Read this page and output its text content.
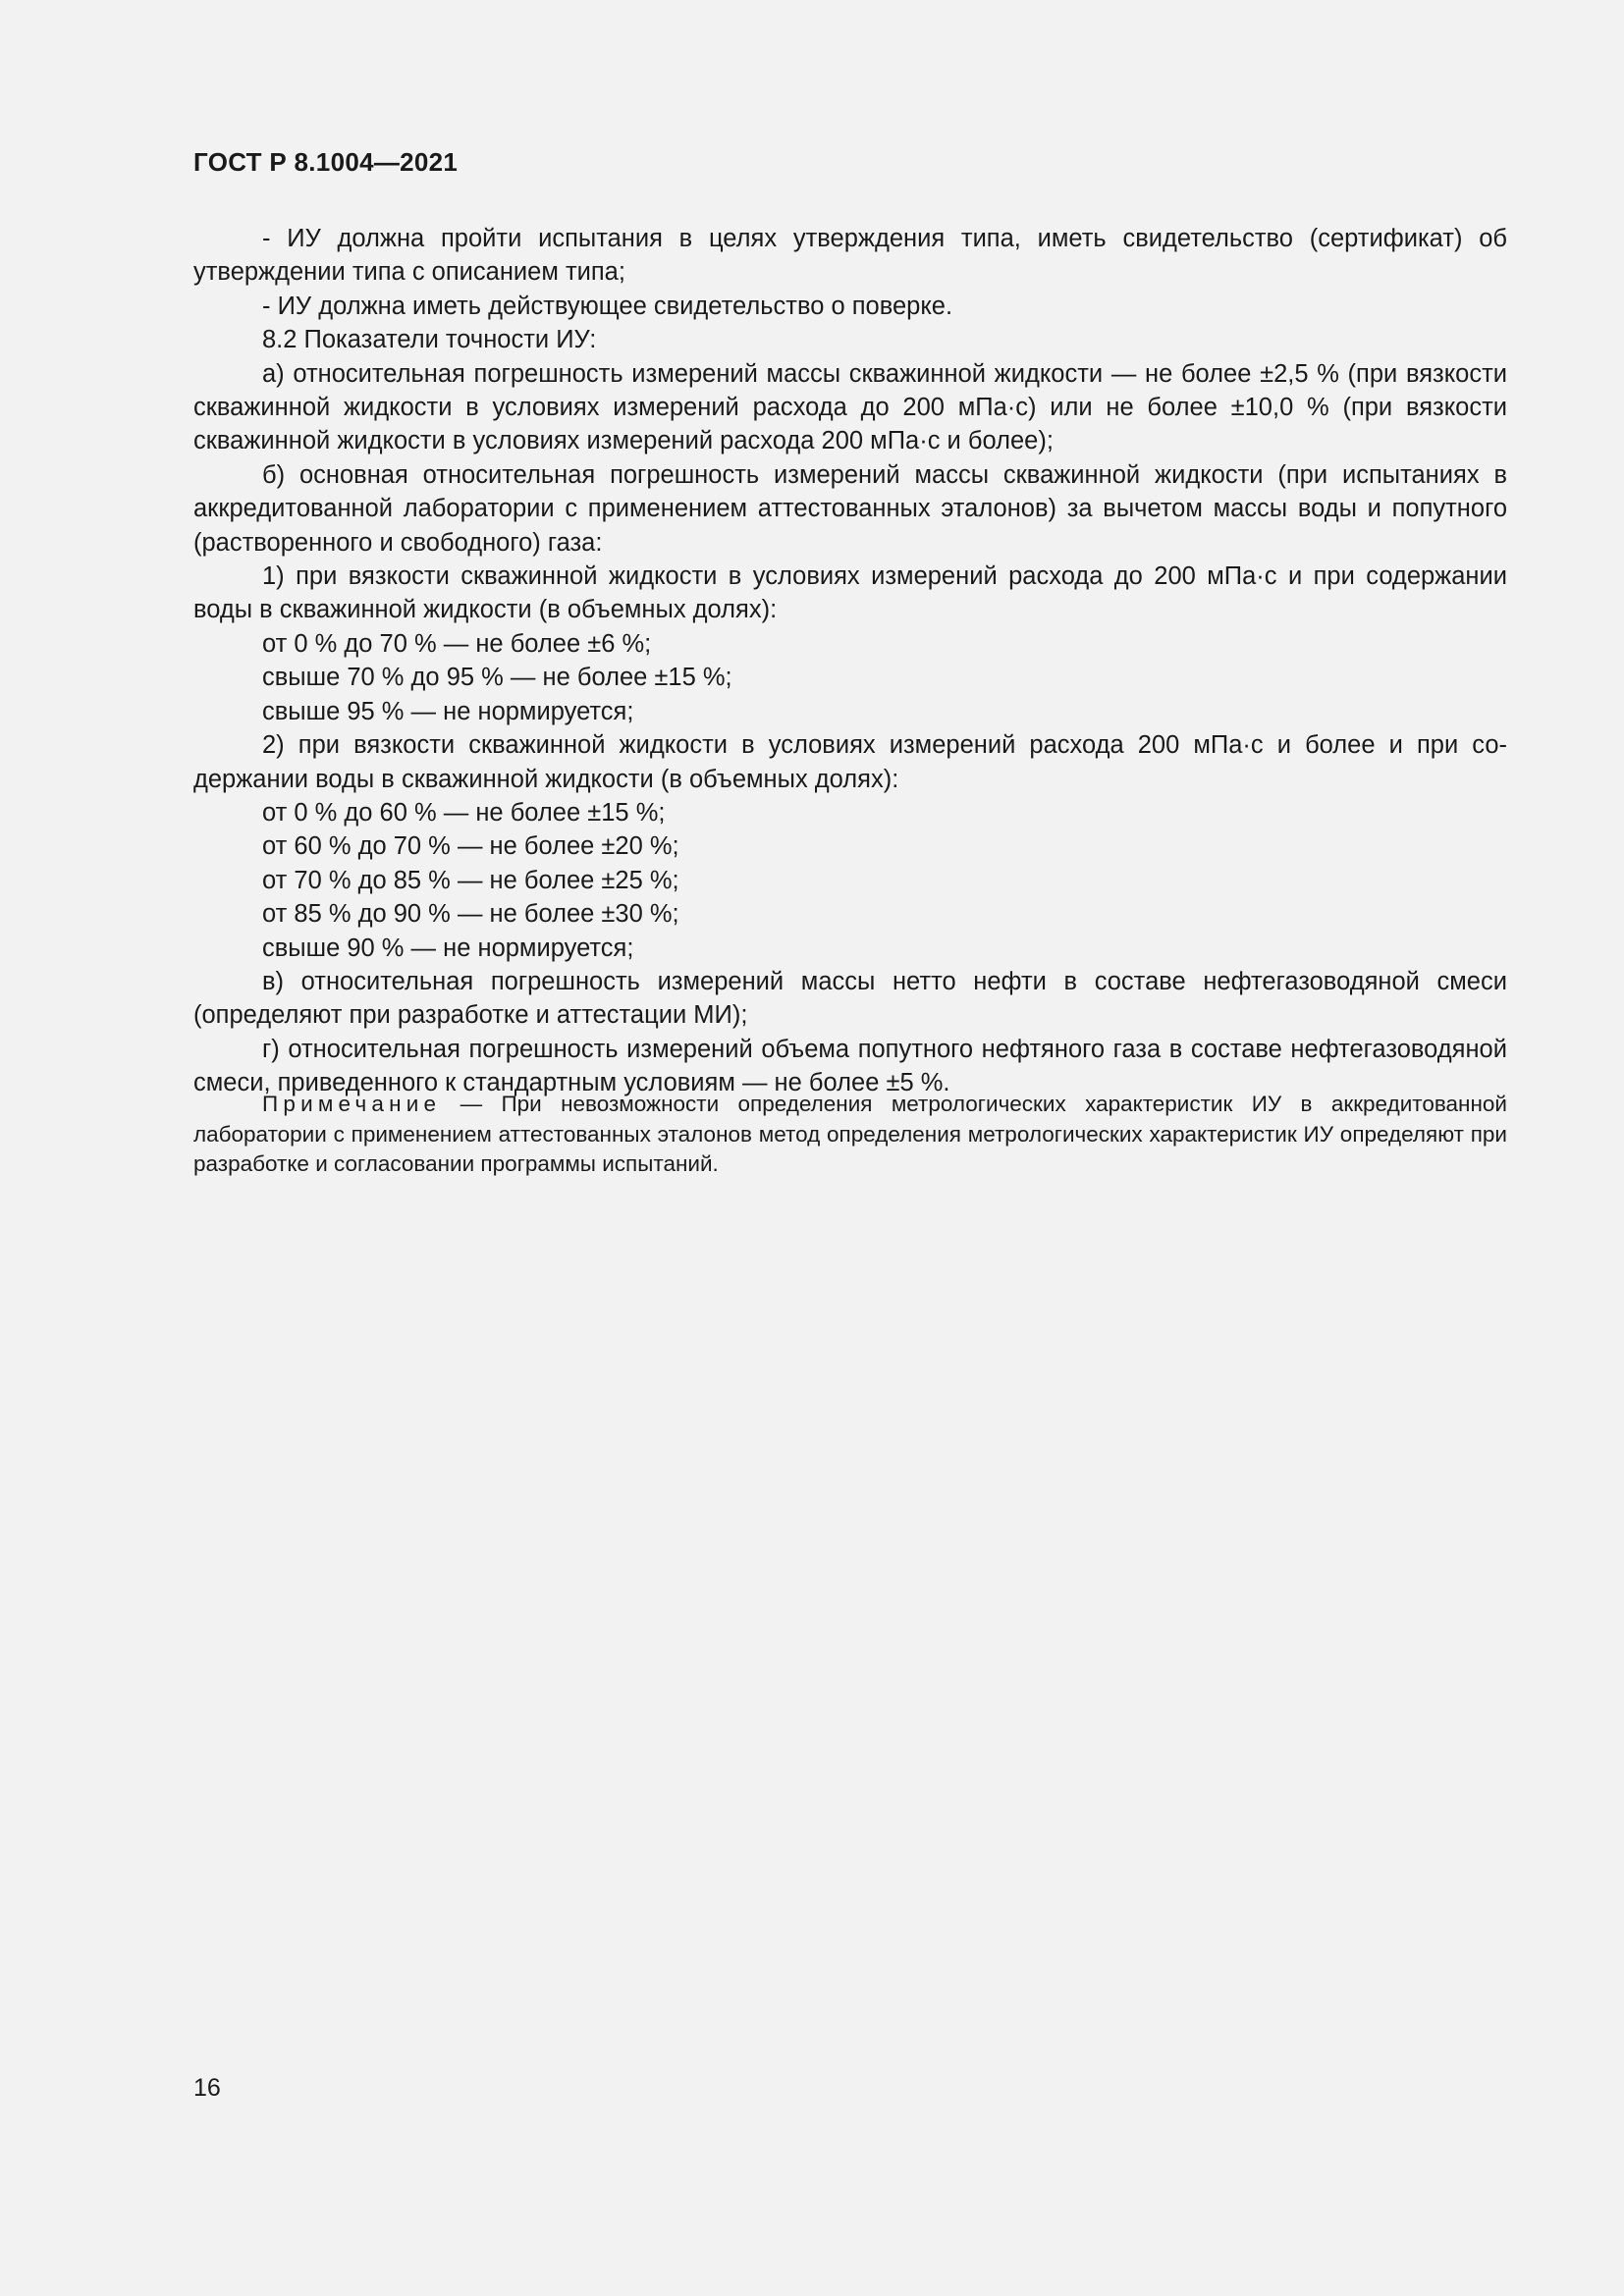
ГОСТ Р 8.1004—2021

- ИУ должна пройти испытания в целях утверждения типа, иметь свидетельство (сертификат) об утверждении типа с описанием типа;

- ИУ должна иметь действующее свидетельство о поверке.

8.2 Показатели точности ИУ:

а) относительная погрешность измерений массы скважинной жидкости — не более ±2,5 % (при вязкости скважинной жидкости в условиях измерений расхода до 200 мПа·с) или не более ±10,0 % (при вязкости скважинной жидкости в условиях измерений расхода 200 мПа·с и более);

б) основная относительная погрешность измерений массы скважинной жидкости (при испытаниях в аккредитованной лаборатории с применением аттестованных эталонов) за вычетом массы воды и попутного (растворенного и свободного) газа:

1) при вязкости скважинной жидкости в условиях измерений расхода до 200 мПа·с и при содержании воды в скважинной жидкости (в объемных долях):

от 0 % до 70 % — не более ±6 %;

свыше 70 % до 95 % — не более ±15 %;

свыше 95 % — не нормируется;

2) при вязкости скважинной жидкости в условиях измерений расхода 200 мПа·с и более и при содержании воды в скважинной жидкости (в объемных долях):

от 0 % до 60 % — не более ±15 %;

от 60 % до 70 % — не более ±20 %;

от 70 % до 85 % — не более ±25 %;

от 85 % до 90 % — не более ±30 %;

свыше 90 % — не нормируется;

в) относительная погрешность измерений массы нетто нефти в составе нефтегазоводяной смеси (определяют при разработке и аттестации МИ);

г) относительная погрешность измерений объема попутного нефтяного газа в составе нефтегазоводяной смеси, приведенного к стандартным условиям — не более ±5 %.

Примечание — При невозможности определения метрологических характеристик ИУ в аккредитованной лаборатории с применением аттестованных эталонов метод определения метрологических характеристик ИУ определяют при разработке и согласовании программы испытаний.

16
